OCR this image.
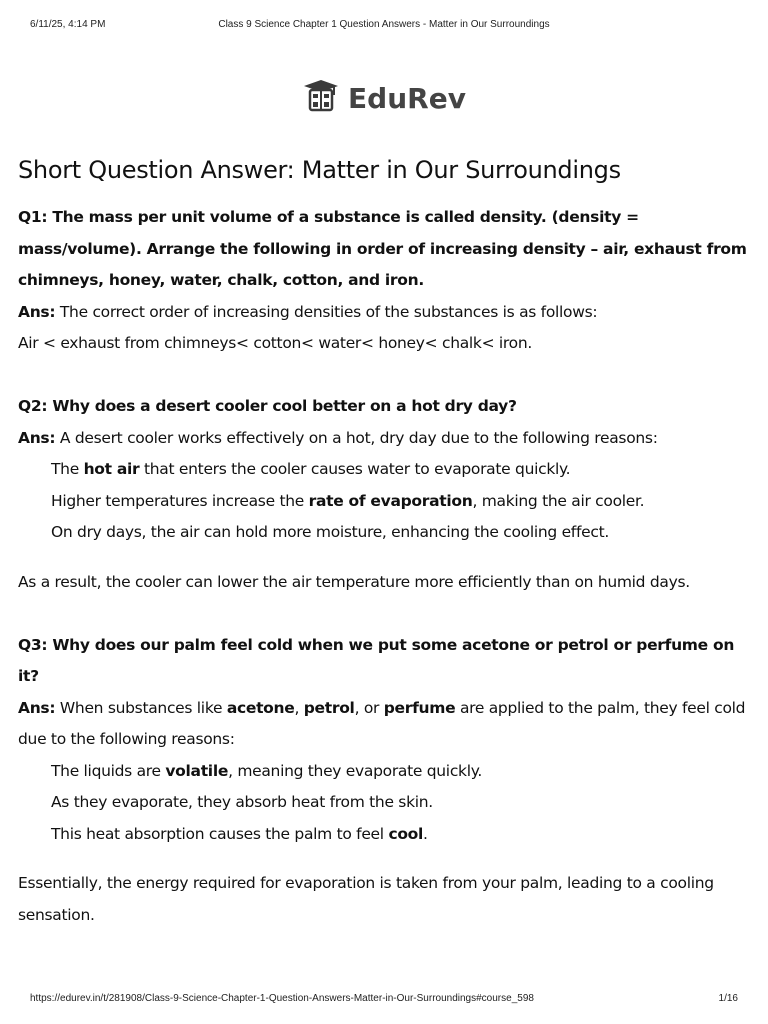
6/11/25, 4:14 PM	Class 9 Science Chapter 1 Question Answers - Matter in Our Surroundings
EduRev
Short Question Answer: Matter in Our Surroundings

Q1: The mass per unit volume of a substance is called density. (density = mass/volume). Arrange the following in order of increasing density – air, exhaust from chimneys, honey, water, chalk, cotton, and iron.

Ans: The correct order of increasing densities of the substances is as follows:

Air < exhaust from chimneys< cotton< water< honey< chalk< iron.

Q2: Why does a desert cooler cool better on a hot dry day?

Ans: A desert cooler works effectively on a hot, dry day due to the following reasons:

The hot air that enters the cooler causes water to evaporate quickly.
Higher temperatures increase the rate of evaporation, making the air cooler.
On dry days, the air can hold more moisture, enhancing the cooling effect.

As a result, the cooler can lower the air temperature more efficiently than on humid days.

Q3: Why does our palm feel cold when we put some acetone or petrol or perfume on it?

Ans: When substances like acetone, petrol, or perfume are applied to the palm, they feel cold due to the following reasons:

The liquids are volatile, meaning they evaporate quickly.
As they evaporate, they absorb heat from the skin.
This heat absorption causes the palm to feel cool.

Essentially, the energy required for evaporation is taken from your palm, leading to a cooling sensation.

https://edurev.in/t/281908/Class-9-Science-Chapter-1-Question-Answers-Matter-in-Our-Surroundings#course_598	1/16
